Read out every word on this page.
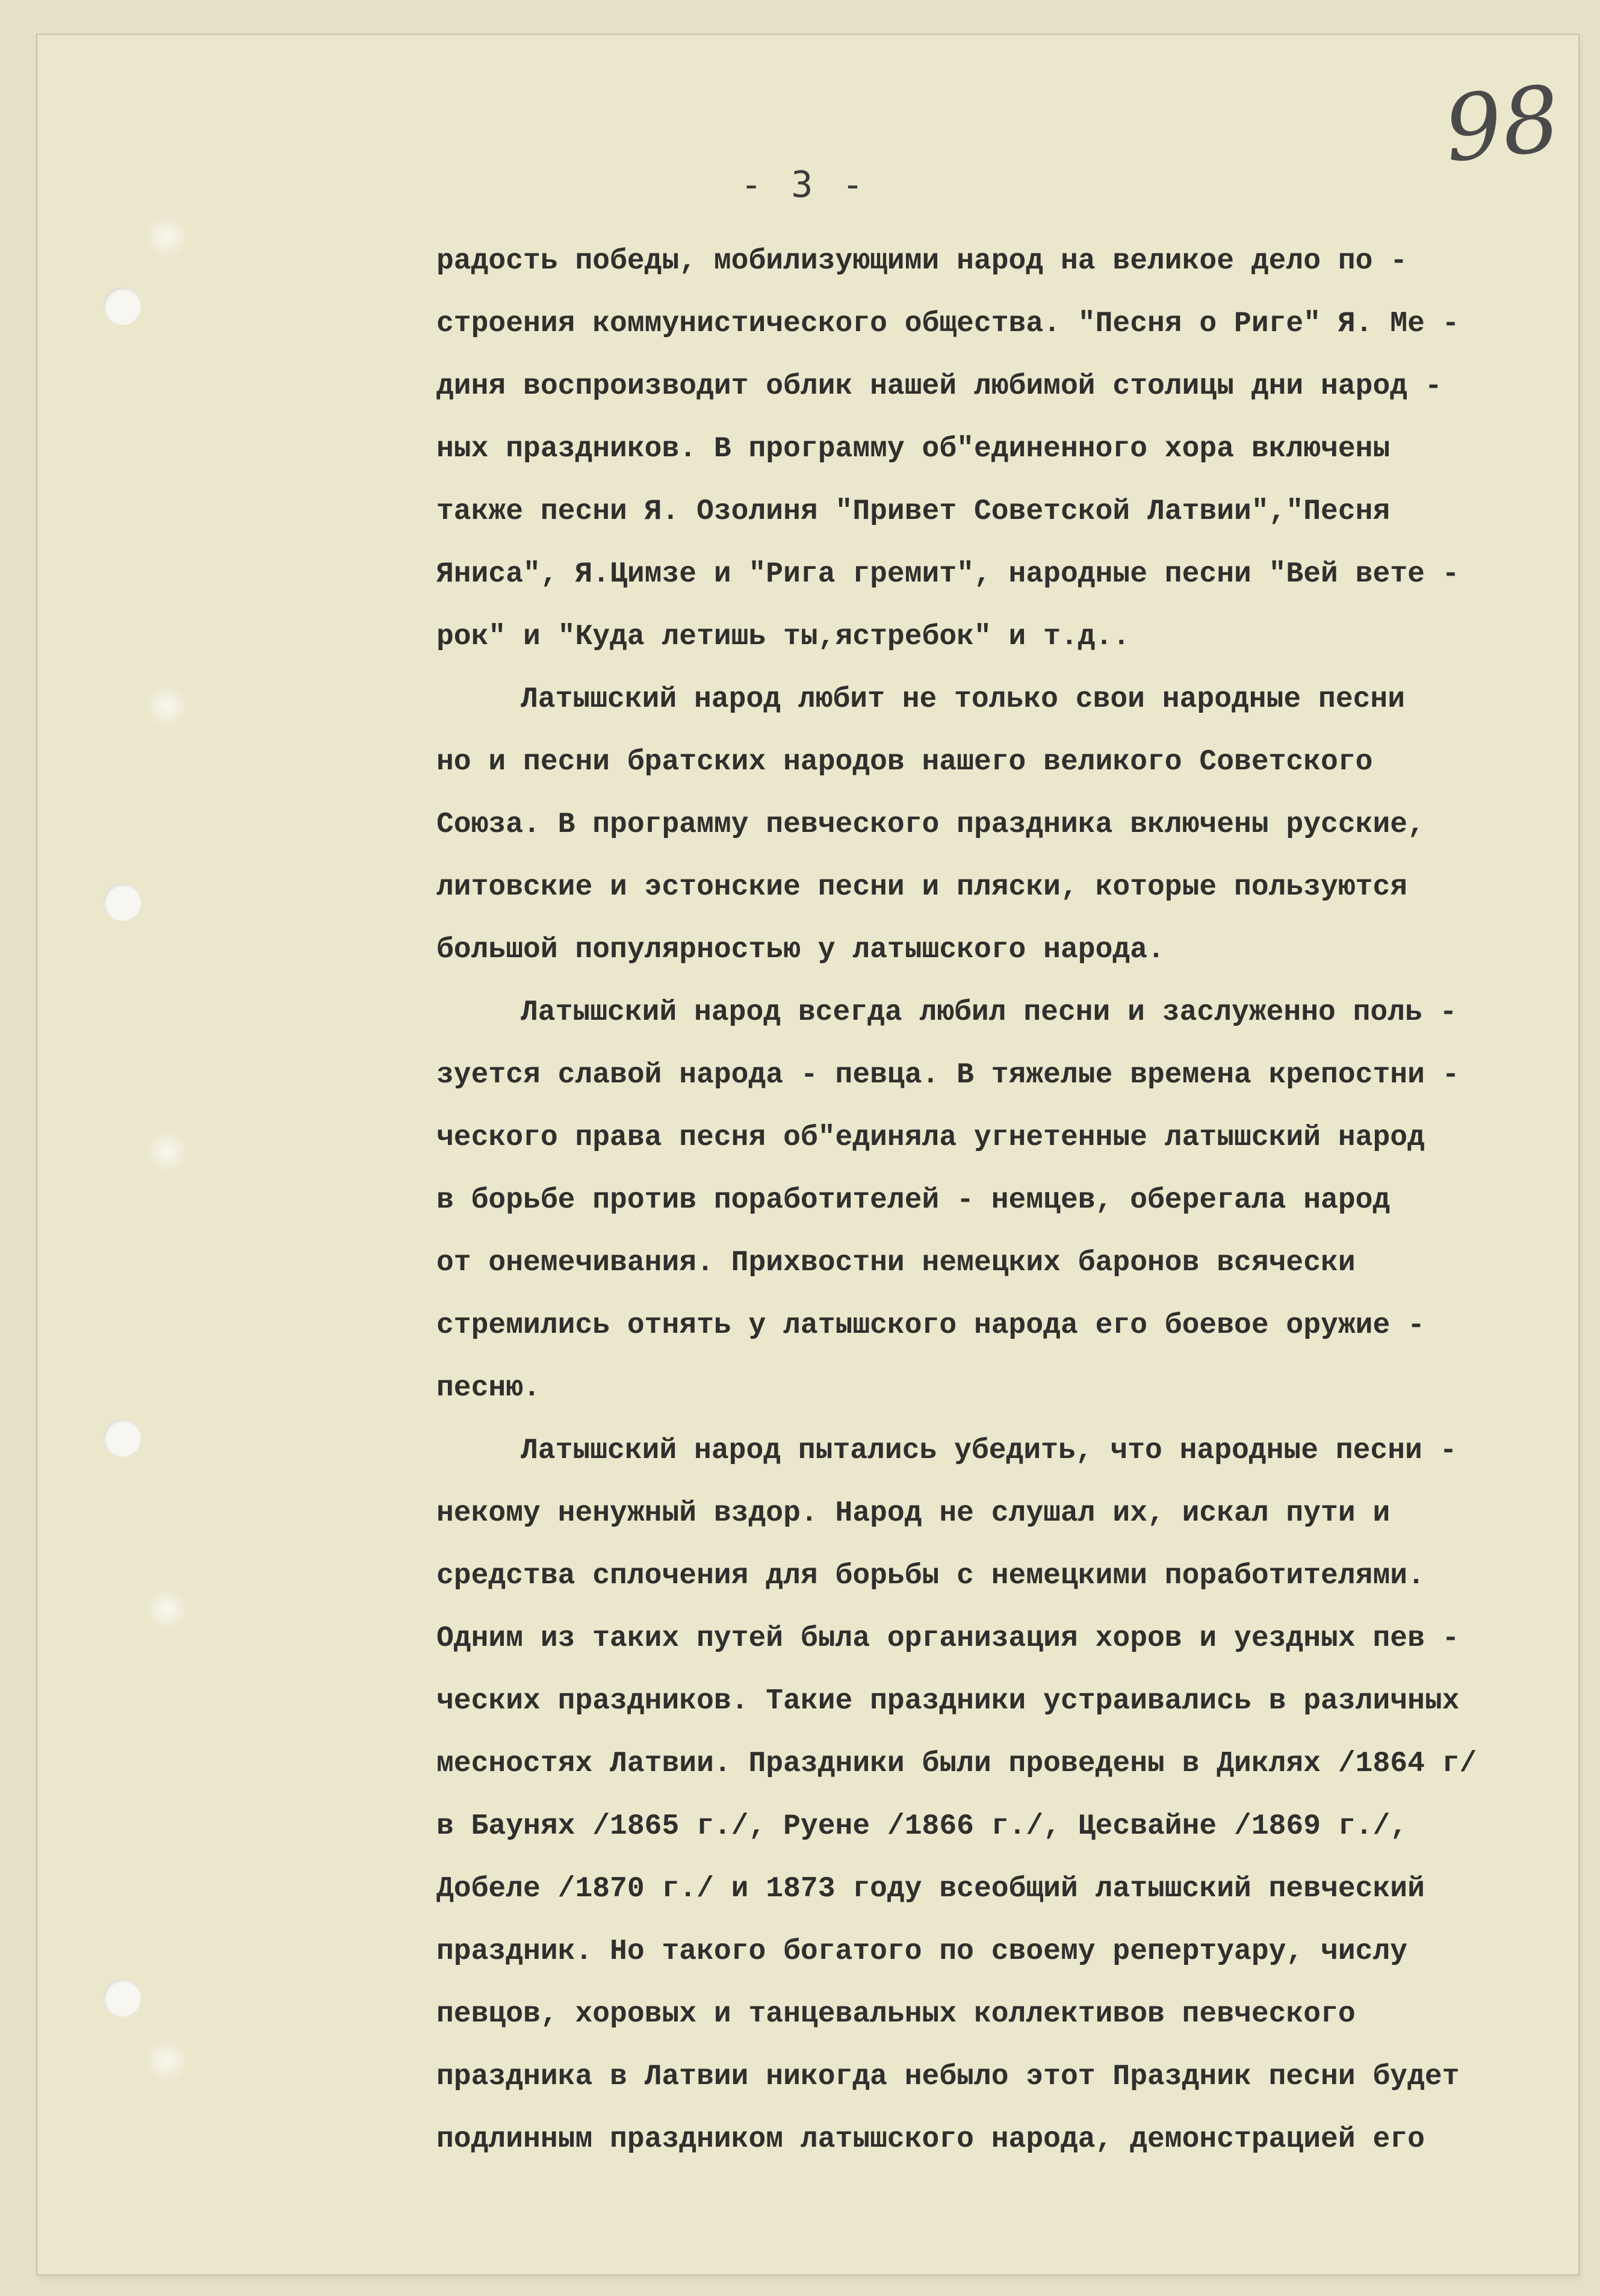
98
- 3 -
радость победы, мобилизующими народ на великое дело по -
строения коммунистического общества. "Песня о Риге" Я. Ме -
диня воспроизводит облик нашей любимой столицы дни народ -
ных праздников. В программу об"единенного хора включены
также песни Я. Озолиня "Привет Советской Латвии","Песня
Яниса", Я.Цимзе и "Рига гремит", народные песни "Вей вете -
рок" и "Куда летишь ты,ястребок" и т.д..
Латышский народ любит не только свои народные песни
но и песни братских народов нашего великого Советского
Союза. В программу певческого праздника включены русские,
литовские и эстонские песни и пляски, которые пользуются
большой популярностью у латышского народа.
Латышский народ всегда любил песни и заслуженно поль -
зуется славой народа - певца. В тяжелые времена крепостни -
ческого права песня об"единяла угнетенные латышский народ
в борьбе против поработителей - немцев, оберегала народ
от онемечивания. Прихвостни немецких баронов всячески
стремились отнять у латышского народа его боевое оружие -
песню.
Латышский народ пытались убедить, что народные песни -
некому ненужный вздор. Народ не слушал их, искал пути и
средства сплочения для борьбы с немецкими поработителями.
Одним из таких путей была организация хоров и уездных пев -
ческих праздников. Такие праздники устраивались в различных
месностях Латвии. Праздники были проведены в Диклях /1864 г/
в Баунях /1865 г./, Руене /1866 г./, Цесвайне /1869 г./,
Добеле /1870 г./ и 1873 году всеобщий латышский певческий
праздник. Но такого богатого по своему репертуару, числу
певцов, хоровых и танцевальных коллективов певческого
праздника в Латвии никогда небыло этот Праздник песни будет
подлинным праздником латышского народа, демонстрацией его
